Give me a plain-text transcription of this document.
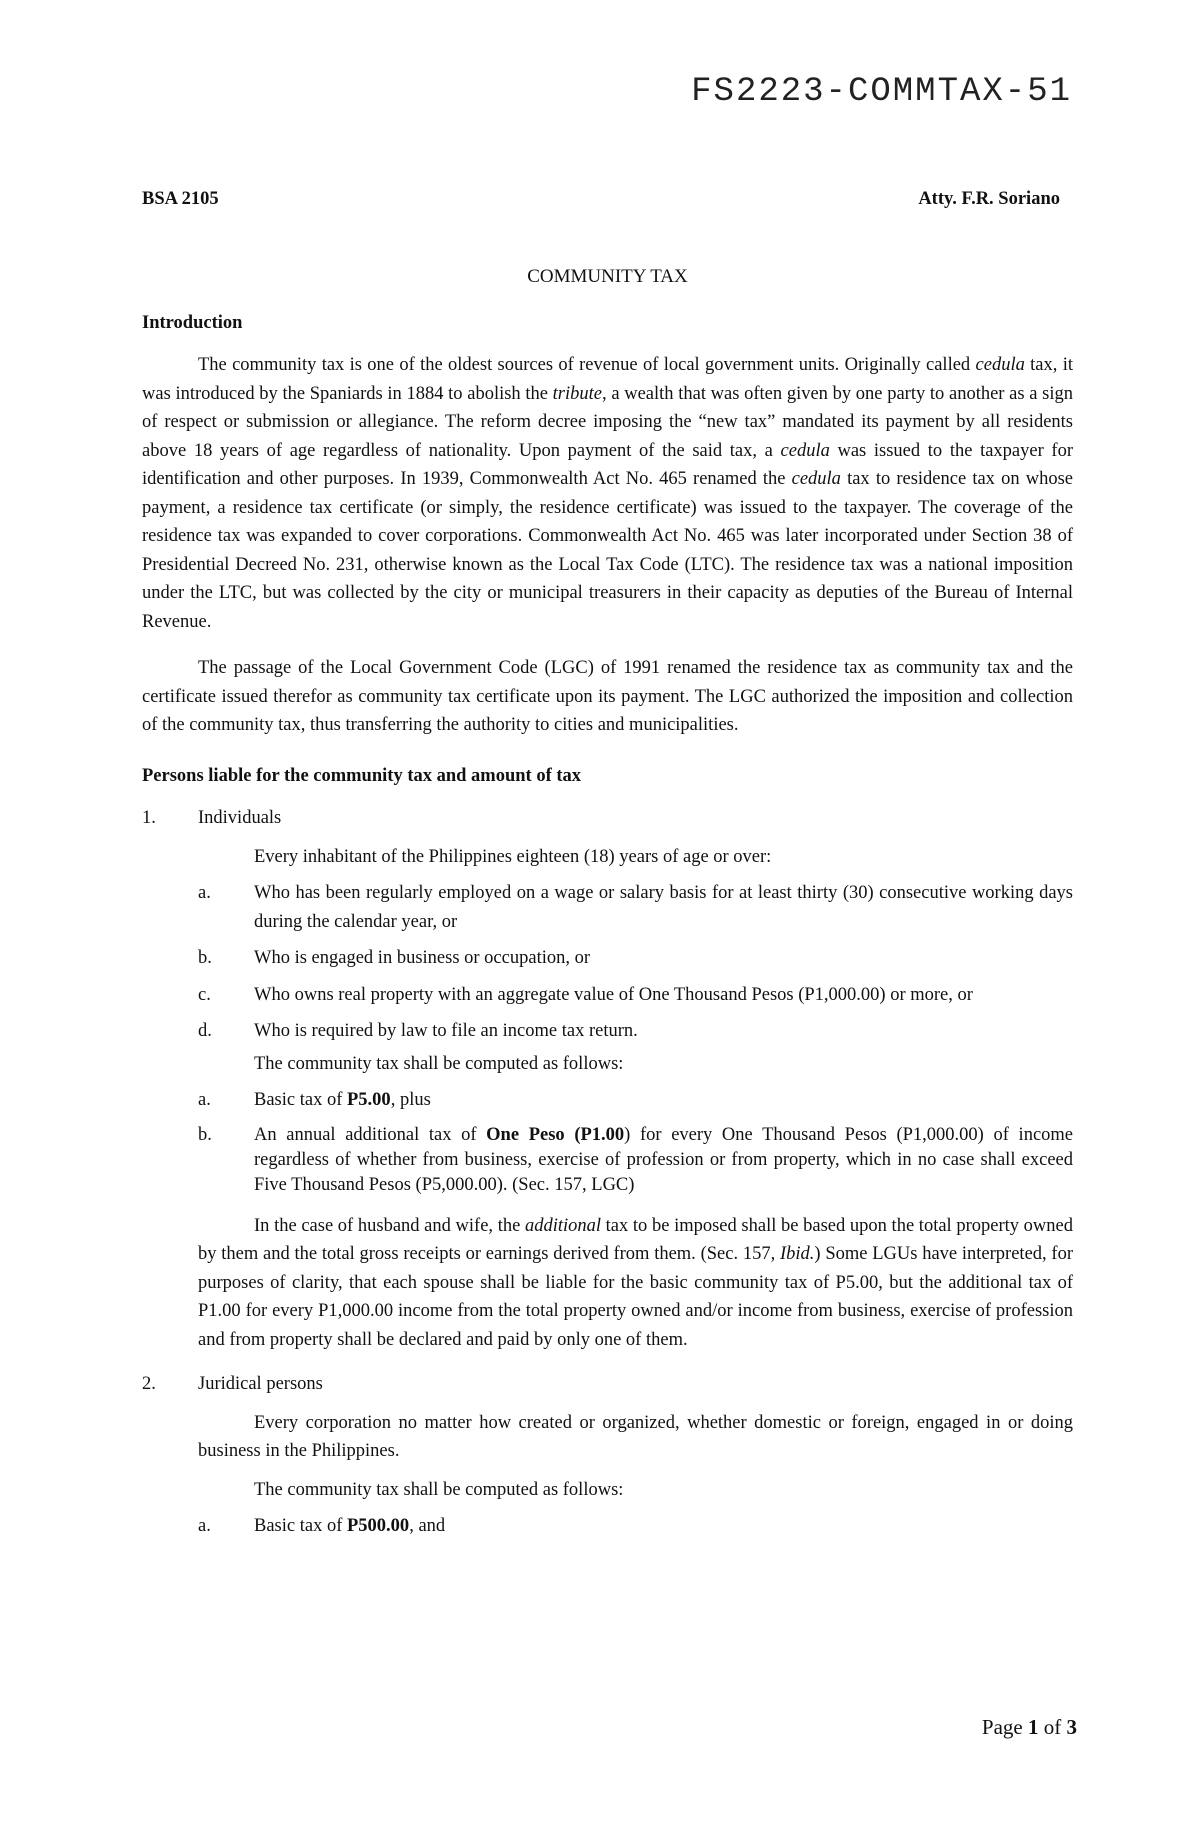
FS2223-COMMTAX-51
BSA 2105	Atty. F.R. Soriano

COMMUNITY TAX

Introduction

The community tax is one of the oldest sources of revenue of local government units. Originally called cedula tax, it was introduced by the Spaniards in 1884 to abolish the tribute, a wealth that was often given by one party to another as a sign of respect or submission or allegiance. The reform decree imposing the “new tax” mandated its payment by all residents above 18 years of age regardless of nationality. Upon payment of the said tax, a cedula was issued to the taxpayer for identification and other purposes. In 1939, Commonwealth Act No. 465 renamed the cedula tax to residence tax on whose payment, a residence tax certificate (or simply, the residence certificate) was issued to the taxpayer. The coverage of the residence tax was expanded to cover corporations. Commonwealth Act No. 465 was later incorporated under Section 38 of Presidential Decreed No. 231, otherwise known as the Local Tax Code (LTC). The residence tax was a national imposition under the LTC, but was collected by the city or municipal treasurers in their capacity as deputies of the Bureau of Internal Revenue.

The passage of the Local Government Code (LGC) of 1991 renamed the residence tax as community tax and the certificate issued therefor as community tax certificate upon its payment. The LGC authorized the imposition and collection of the community tax, thus transferring the authority to cities and municipalities.

Persons liable for the community tax and amount of tax

1.	Individuals

Every inhabitant of the Philippines eighteen (18) years of age or over:

a.	Who has been regularly employed on a wage or salary basis for at least thirty (30) consecutive working days during the calendar year, or
b.	Who is engaged in business or occupation, or
c.	Who owns real property with an aggregate value of One Thousand Pesos (P1,000.00) or more, or
d.	Who is required by law to file an income tax return.

The community tax shall be computed as follows:

a.	Basic tax of P5.00, plus
b.	An annual additional tax of One Peso (P1.00) for every One Thousand Pesos (P1,000.00) of income regardless of whether from business, exercise of profession or from property, which in no case shall exceed Five Thousand Pesos (P5,000.00). (Sec. 157, LGC)

In the case of husband and wife, the additional tax to be imposed shall be based upon the total property owned by them and the total gross receipts or earnings derived from them. (Sec. 157, Ibid.) Some LGUs have interpreted, for purposes of clarity, that each spouse shall be liable for the basic community tax of P5.00, but the additional tax of P1.00 for every P1,000.00 income from the total property owned and/or income from business, exercise of profession and from property shall be declared and paid by only one of them.

2.	Juridical persons

Every corporation no matter how created or organized, whether domestic or foreign, engaged in or doing business in the Philippines.

The community tax shall be computed as follows:

a.	Basic tax of P500.00, and
Page 1 of 3
